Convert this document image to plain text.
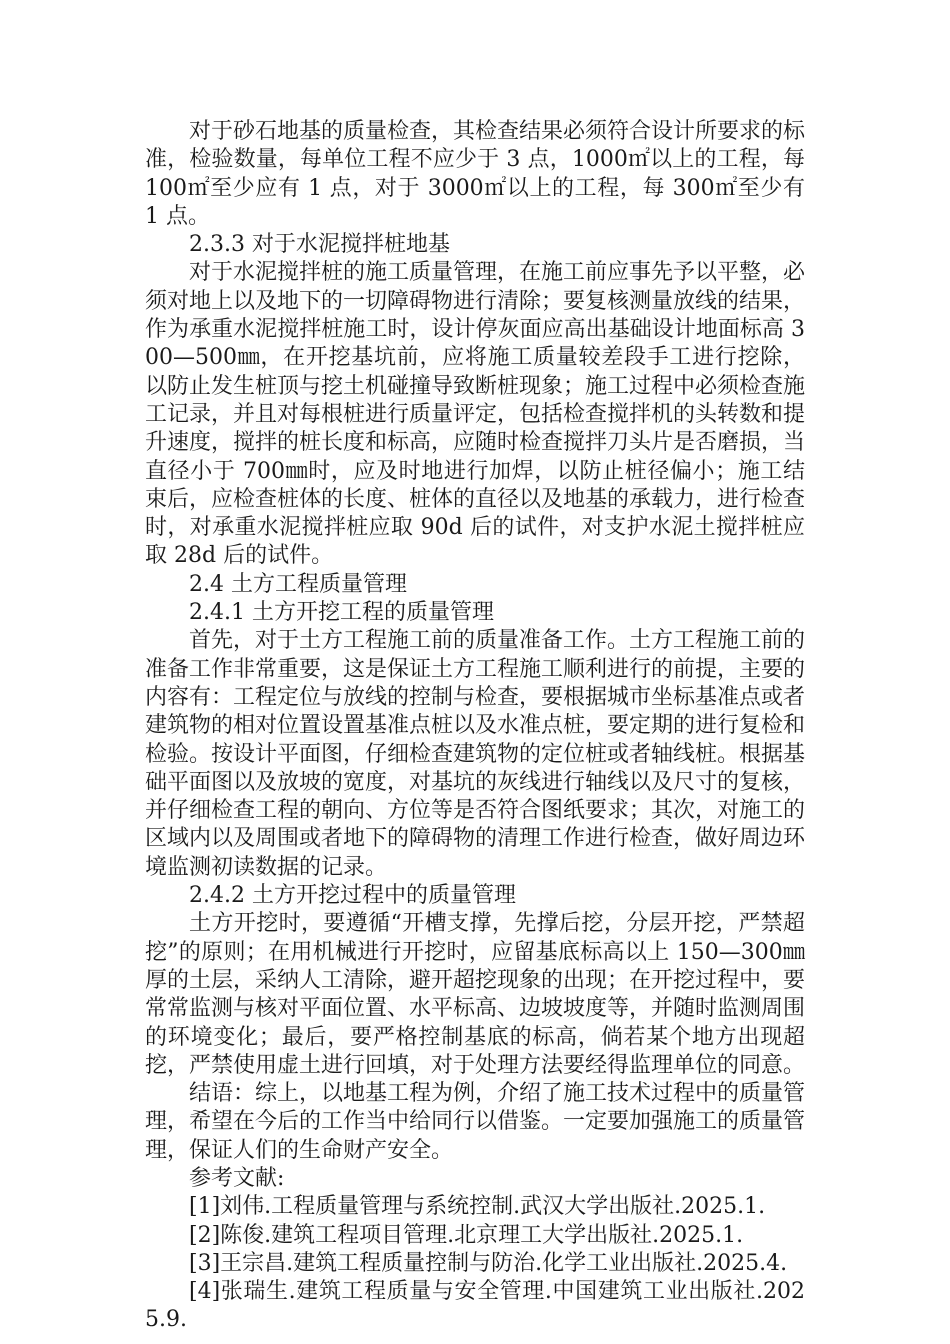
对于砂石地基的质量检查，其检查结果必须符合设计所要求的标准，检验数量，每单位工程不应少于 3 点，1000㎡以上的工程，每 100㎡至少应有 1 点，对于 3000㎡以上的工程，每 300㎡至少有 1 点。

2.3.3 对于水泥搅拌桩地基

对于水泥搅拌桩的施工质量管理，在施工前应事先予以平整，必须对地上以及地下的一切障碍物进行清除；要复核测量放线的结果，作为承重水泥搅拌桩施工时，设计停灰面应高出基础设计地面标高 300—500㎜，在开挖基坑前，应将施工质量较差段手工进行挖除，以防止发生桩顶与挖土机碰撞导致断桩现象；施工过程中必须检查施工记录，并且对每根桩进行质量评定，包括检查搅拌机的头转数和提升速度，搅拌的桩长度和标高，应随时检查搅拌刀头片是否磨损，当直径小于 700㎜时，应及时地进行加焊，以防止桩径偏小；施工结束后，应检查桩体的长度、桩体的直径以及地基的承载力，进行检查时，对承重水泥搅拌桩应取 90d 后的试件，对支护水泥土搅拌桩应取 28d 后的试件。

2.4 土方工程质量管理

2.4.1 土方开挖工程的质量管理

首先，对于土方工程施工前的质量准备工作。土方工程施工前的准备工作非常重要，这是保证土方工程施工顺利进行的前提，主要的内容有：工程定位与放线的控制与检查，要根据城市坐标基准点或者建筑物的相对位置设置基准点桩以及水准点桩，要定期的进行复检和检验。按设计平面图，仔细检查建筑物的定位桩或者轴线桩。根据基础平面图以及放坡的宽度，对基坑的灰线进行轴线以及尺寸的复核，并仔细检查工程的朝向、方位等是否符合图纸要求；其次，对施工的区域内以及周围或者地下的障碍物的清理工作进行检查，做好周边环境监测初读数据的记录。

2.4.2 土方开挖过程中的质量管理

土方开挖时，要遵循“开槽支撑，先撑后挖，分层开挖，严禁超挖”的原则；在用机械进行开挖时，应留基底标高以上 150—300㎜厚的土层，采纳人工清除，避开超挖现象的出现；在开挖过程中，要常常监测与核对平面位置、水平标高、边坡坡度等，并随时监测周围的环境变化；最后，要严格控制基底的标高，倘若某个地方出现超挖，严禁使用虚土进行回填，对于处理方法要经得监理单位的同意。

结语：综上，以地基工程为例，介绍了施工技术过程中的质量管理，希望在今后的工作当中给同行以借鉴。一定要加强施工的质量管理，保证人们的生命财产安全。

参考文献:

[1]刘伟.工程质量管理与系统控制.武汉大学出版社.2025.1.

[2]陈俊.建筑工程项目管理.北京理工大学出版社.2025.1.

[3]王宗昌.建筑工程质量控制与防治.化学工业出版社.2025.4.

[4]张瑞生.建筑工程质量与安全管理.中国建筑工业出版社.2025.9.
